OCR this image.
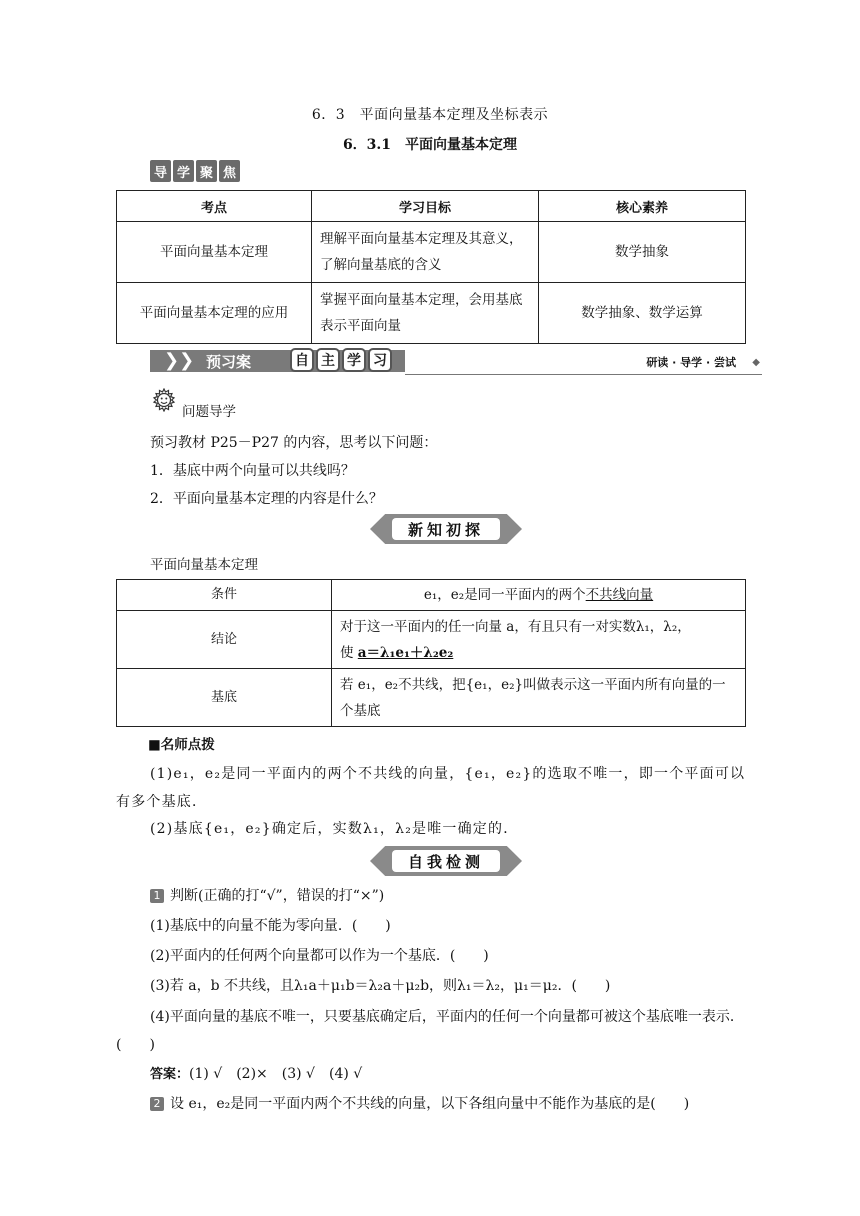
6．3　平面向量基本定理及坐标表示
6．3.1　平面向量基本定理
导 学 聚 焦
考点	学习目标	核心素养
平面向量基本定理	理解平面向量基本定理及其意义，了解向量基底的含义	数学抽象
平面向量基本定理的应用	掌握平面向量基本定理，会用基底表示平面向量	数学抽象、数学运算
❯❯ 预习案	自 主 学 习	研读 · 导学 · 尝试 ◆
问题导学
预习教材 P25－P27 的内容，思考以下问题：
1．基底中两个向量可以共线吗？
2．平面向量基本定理的内容是什么？
新知初探
平面向量基本定理
条件	e₁，e₂是同一平面内的两个不共线向量
结论	对于这一平面内的任一向量 a，有且只有一对实数λ₁，λ₂，
使 a＝λ₁e₁＋λ₂e₂
基底	若 e₁，e₂不共线，把{e₁，e₂}叫做表示这一平面内所有向量的一个基底
■名师点拨
(1)e₁，e₂是同一平面内的两个不共线的向量，{e₁，e₂}的选取不唯一，即一个平面可以有多个基底．
(2)基底{e₁，e₂}确定后，实数λ₁，λ₂是唯一确定的．
自我检测
1 判断(正确的打“√”，错误的打“×”)
(1)基底中的向量不能为零向量．(　　)
(2)平面内的任何两个向量都可以作为一个基底．(　　)
(3)若 a，b 不共线，且λ₁a＋μ₁b＝λ₂a＋μ₂b，则λ₁＝λ₂，μ₁＝μ₂．(　　)
(4)平面向量的基底不唯一，只要基底确定后，平面内的任何一个向量都可被这个基底唯一表示．(　　)
答案：(1) √　(2)×　(3) √　(4) √
2 设 e₁，e₂是同一平面内两个不共线的向量，以下各组向量中不能作为基底的是(　　)
